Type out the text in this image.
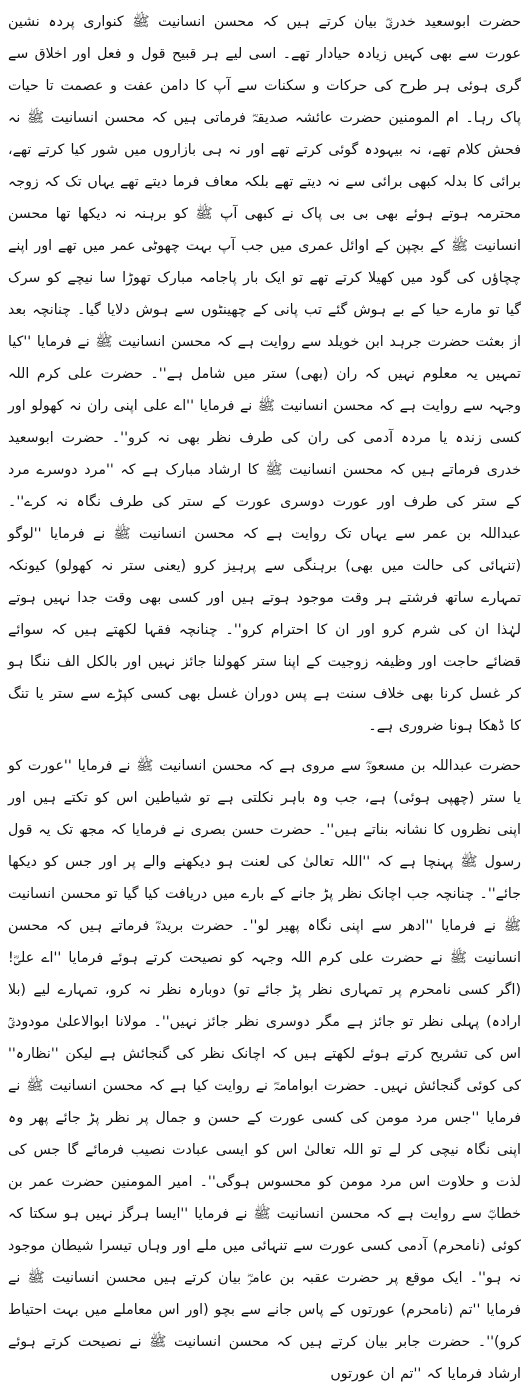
حضرت ابوسعید خدریؓ بیان کرتے ہیں کہ محسن انسانیت ﷺ کنواری پردہ نشین عورت سے بھی کہیں زیادہ حیادار تھے۔ اسی لیے ہر قبیح قول و فعل اور اخلاق سے گری ہوئی ہر طرح کی حرکات و سکنات سے آپ کا دامن عفت و عصمت تا حیات پاک رہا۔ ام المومنین حضرت عائشہ صدیقہؓ فرماتی ہیں کہ محسن انسانیت ﷺ نہ فحش کلام تھے، نہ بیہودہ گوئی کرتے تھے اور نہ ہی بازاروں میں شور کیا کرتے تھے، برائی کا بدلہ کبھی برائی سے نہ دیتے تھے بلکہ معاف فرما دیتے تھے یہاں تک کہ زوجہ محترمہ ہوتے ہوئے بھی بی بی پاک نے کبھی آپ ﷺ کو برہنہ نہ دیکھا تھا محسن انسانیت ﷺ کے بچپن کے اوائل عمری میں جب آپ بہت چھوٹی عمر میں تھے اور اپنے چچاؤں کی گود میں کھیلا کرتے تھے تو ایک بار پاجامہ مبارک تھوڑا سا نیچے کو سرک گیا تو مارے حیا کے بے ہوش گئے تب پانی کے چھینٹوں سے ہوش دلایا گیا۔ چنانچہ بعد از بعثت حضرت جرہد ابن خویلد سے روایت ہے کہ محسن انسانیت ﷺ نے فرمایا ''کیا تمہیں یہ معلوم نہیں کہ ران (بھی) ستر میں شامل ہے''۔ حضرت علی کرم اللہ وجہہ سے روایت ہے کہ محسن انسانیت ﷺ نے فرمایا ''اے علی اپنی ران نہ کھولو اور کسی زندہ یا مردہ آدمی کی ران کی طرف نظر بھی نہ کرو''۔ حضرت ابوسعید خدری فرماتے ہیں کہ محسن انسانیت ﷺ کا ارشاد مبارک ہے کہ ''مرد دوسرے مرد کے ستر کی طرف اور عورت دوسری عورت کے ستر کی طرف نگاہ نہ کرے''۔ عبداللہ بن عمر سے یہاں تک روایت ہے کہ محسن انسانیت ﷺ نے فرمایا ''لوگو (تنہائی کی حالت میں بھی) برہنگی سے پرہیز کرو (یعنی ستر نہ کھولو) کیونکہ تمہارے ساتھ فرشتے ہر وقت موجود ہوتے ہیں اور کسی بھی وقت جدا نہیں ہوتے لہٰذا ان کی شرم کرو اور ان کا احترام کرو''۔ چنانچہ فقہا لکھتے ہیں کہ سوائے قضائے حاجت اور وظیفہ زوجیت کے اپنا ستر کھولنا جائز نہیں اور بالکل الف ننگا ہو کر غسل کرنا بھی خلاف سنت ہے پس دوران غسل بھی کسی کپڑے سے ستر یا تنگ کا ڈھکا ہونا ضروری ہے۔

حضرت عبداللہ بن مسعودؓ سے مروی ہے کہ محسن انسانیت ﷺ نے فرمایا ''عورت کو یا ستر (چھپی ہوئی) ہے، جب وہ باہر نکلتی ہے تو شیاطین اس کو تکتے ہیں اور اپنی نظروں کا نشانہ بناتے ہیں''۔ حضرت حسن بصری نے فرمایا کہ مجھ تک یہ قول رسول ﷺ پہنچا ہے کہ ''اللہ تعالیٰ کی لعنت ہو دیکھنے والے پر اور جس کو دیکھا جائے''۔ چنانچہ جب اچانک نظر پڑ جانے کے بارے میں دریافت کیا گیا تو محسن انسانیت ﷺ نے فرمایا ''ادھر سے اپنی نگاہ پھیر لو''۔ حضرت بریدہؓ فرماتے ہیں کہ محسن انسانیت ﷺ نے حضرت علی کرم اللہ وجہہ کو نصیحت کرتے ہوئے فرمایا ''اے علیؓ! (اگر کسی نامحرم پر تمہاری نظر پڑ جائے تو) دوبارہ نظر نہ کرو، تمہارے لیے (بلا ارادہ) پہلی نظر تو جائز ہے مگر دوسری نظر جائز نہیں''۔ مولانا ابوالاعلیٰ مودودیؒ اس کی تشریح کرتے ہوئے لکھتے ہیں کہ اچانک نظر کی گنجائش ہے لیکن ''نظارہ'' کی کوئی گنجائش نہیں۔ حضرت ابوامامہؓ نے روایت کیا ہے کہ محسن انسانیت ﷺ نے فرمایا ''جس مرد مومن کی کسی عورت کے حسن و جمال پر نظر پڑ جائے پھر وہ اپنی نگاہ نیچی کر لے تو اللہ تعالیٰ اس کو ایسی عبادت نصیب فرمائے گا جس کی لذت و حلاوت اس مرد مومن کو محسوس ہوگی''۔ امیر المومنین حضرت عمر بن خطابؓ سے روایت ہے کہ محسن انسانیت ﷺ نے فرمایا ''ایسا ہرگز نہیں ہو سکتا کہ کوئی (نامحرم) آدمی کسی عورت سے تنہائی میں ملے اور وہاں تیسرا شیطان موجود نہ ہو''۔ ایک موقع پر حضرت عقبہ بن عامرؓ بیان کرتے ہیں محسن انسانیت ﷺ نے فرمایا ''تم (نامحرم) عورتوں کے پاس جانے سے بچو (اور اس معاملے میں بہت احتیاط کرو)''۔ حضرت جابر بیان کرتے ہیں کہ محسن انسانیت ﷺ نے نصیحت کرتے ہوئے ارشاد فرمایا کہ ''تم ان عورتوں
